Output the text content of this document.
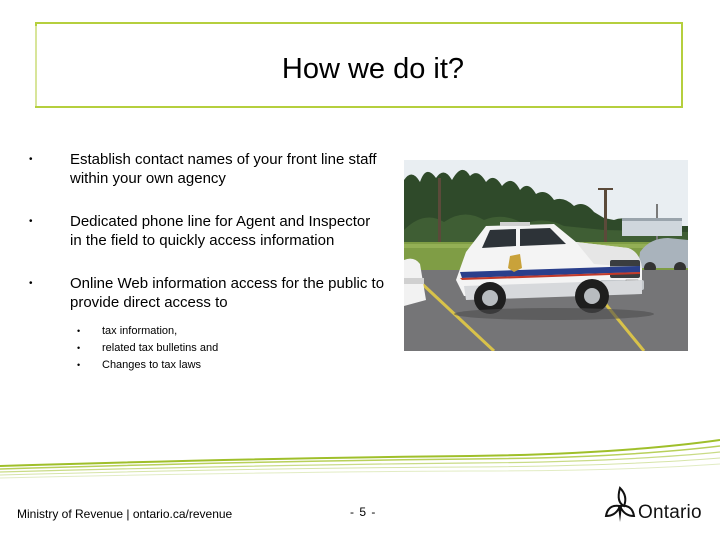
How we do it?
• Establish contact names of your front line staff within your own agency
• Dedicated phone line for Agent and Inspector in the field to quickly access information
• Online Web information access for the public to provide direct access to
• tax information,
• related tax bulletins and
• Changes to tax laws
Ministry of Revenue | ontario.ca/revenue	- 5 -	Ontario
